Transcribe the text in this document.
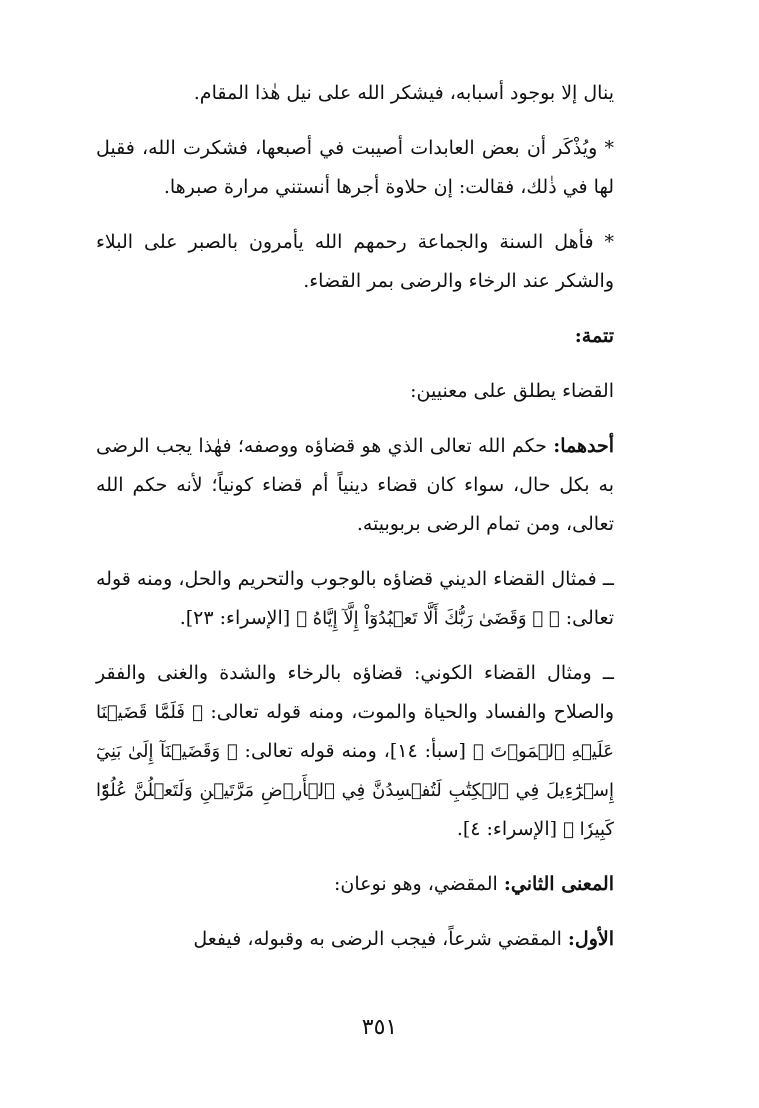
ينال إلا بوجود أسبابه، فيشكر الله على نيل هٰذا المقام.

* ويُذْكَر أن بعض العابدات أصيبت في أصبعها، فشكرت الله، فقيل لها في ذٰلك، فقالت: إن حلاوة أجرها أنستني مرارة صبرها.

* فأهل السنة والجماعة رحمهم الله يأمرون بالصبر على البلاء والشكر عند الرخاء والرضى بمر القضاء.

تتمة:

القضاء يطلق على معنيين:

أحدهما: حكم الله تعالى الذي هو قضاؤه ووصفه؛ فهٰذا يجب الرضى به بكل حال، سواء كان قضاء دينياً أم قضاء كونياً؛ لأنه حكم الله تعالى، ومن تمام الرضى بربوبيته.

ــ فمثال القضاء الديني قضاؤه بالوجوب والتحريم والحل، ومنه قوله تعالى: ﴿ ۞ وَقَضَىٰ رَبُّكَ أَلَّا تَعۡبُدُوٓاْ إِلَّآ إِيَّاهُ ﴾ [الإسراء: ٢٣].

ــ ومثال القضاء الكوني: قضاؤه بالرخاء والشدة والغنى والفقر والصلاح والفساد والحياة والموت، ومنه قوله تعالى: ﴿ فَلَمَّا قَضَيۡنَا عَلَيۡهِ ٱلۡمَوۡتَ ﴾ [سبأ: ١٤]، ومنه قوله تعالى: ﴿ وَقَضَيۡنَآ إِلَىٰ بَنِيٓ إِسۡرَٰٓءِيلَ فِي ٱلۡكِتَٰبِ لَتُفۡسِدُنَّ فِي ٱلۡأَرۡضِ مَرَّتَيۡنِ وَلَتَعۡلُنَّ عُلُوّٗا كَبِيرٗا ﴾ [الإسراء: ٤].

المعنى الثاني: المقضي، وهو نوعان:

الأول: المقضي شرعاً، فيجب الرضى به وقبوله، فيفعل

٣٥١
